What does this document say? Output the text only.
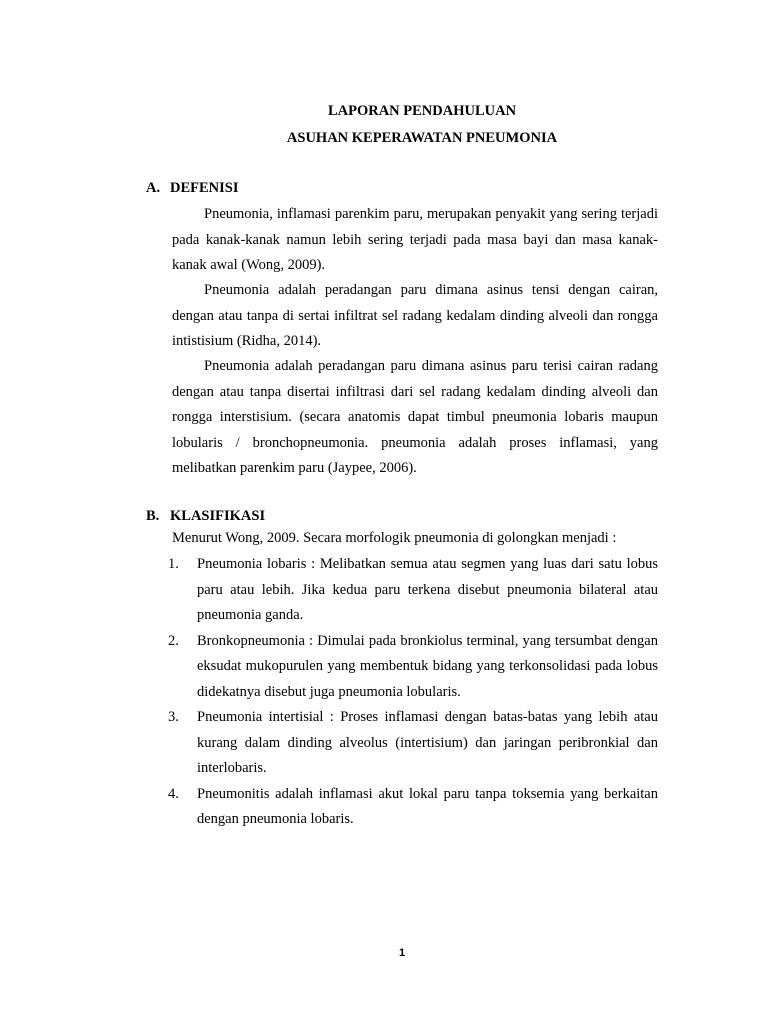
LAPORAN PENDAHULUAN
ASUHAN KEPERAWATAN PNEUMONIA
A. DEFENISI

Pneumonia, inflamasi parenkim paru, merupakan penyakit yang sering terjadi pada kanak-kanak namun lebih sering terjadi pada masa bayi dan masa kanak-kanak awal (Wong, 2009).

Pneumonia adalah peradangan paru dimana asinus tensi dengan cairan, dengan atau tanpa di sertai infiltrat sel radang kedalam dinding alveoli dan rongga intistisium (Ridha, 2014).

Pneumonia adalah peradangan paru dimana asinus paru terisi cairan radang dengan atau tanpa disertai infiltrasi dari sel radang kedalam dinding alveoli dan rongga interstisium. (secara anatomis dapat timbul pneumonia lobaris maupun lobularis / bronchopneumonia. pneumonia adalah proses inflamasi, yang melibatkan parenkim paru (Jaypee, 2006).

B. KLASIFIKASI

Menurut Wong, 2009. Secara morfologik pneumonia di golongkan menjadi :

1. Pneumonia lobaris : Melibatkan semua atau segmen yang luas dari satu lobus paru atau lebih. Jika kedua paru terkena disebut pneumonia bilateral atau pneumonia ganda.
2. Bronkopneumonia : Dimulai pada bronkiolus terminal, yang tersumbat dengan eksudat mukopurulen yang membentuk bidang yang terkonsolidasi pada lobus didekatnya disebut juga pneumonia lobularis.
3. Pneumonia intertisial : Proses inflamasi dengan batas-batas yang lebih atau kurang dalam dinding alveolus (intertisium) dan jaringan peribronkial dan interlobaris.
4. Pneumonitis adalah inflamasi akut lokal paru tanpa toksemia yang berkaitan dengan pneumonia lobaris.
1
